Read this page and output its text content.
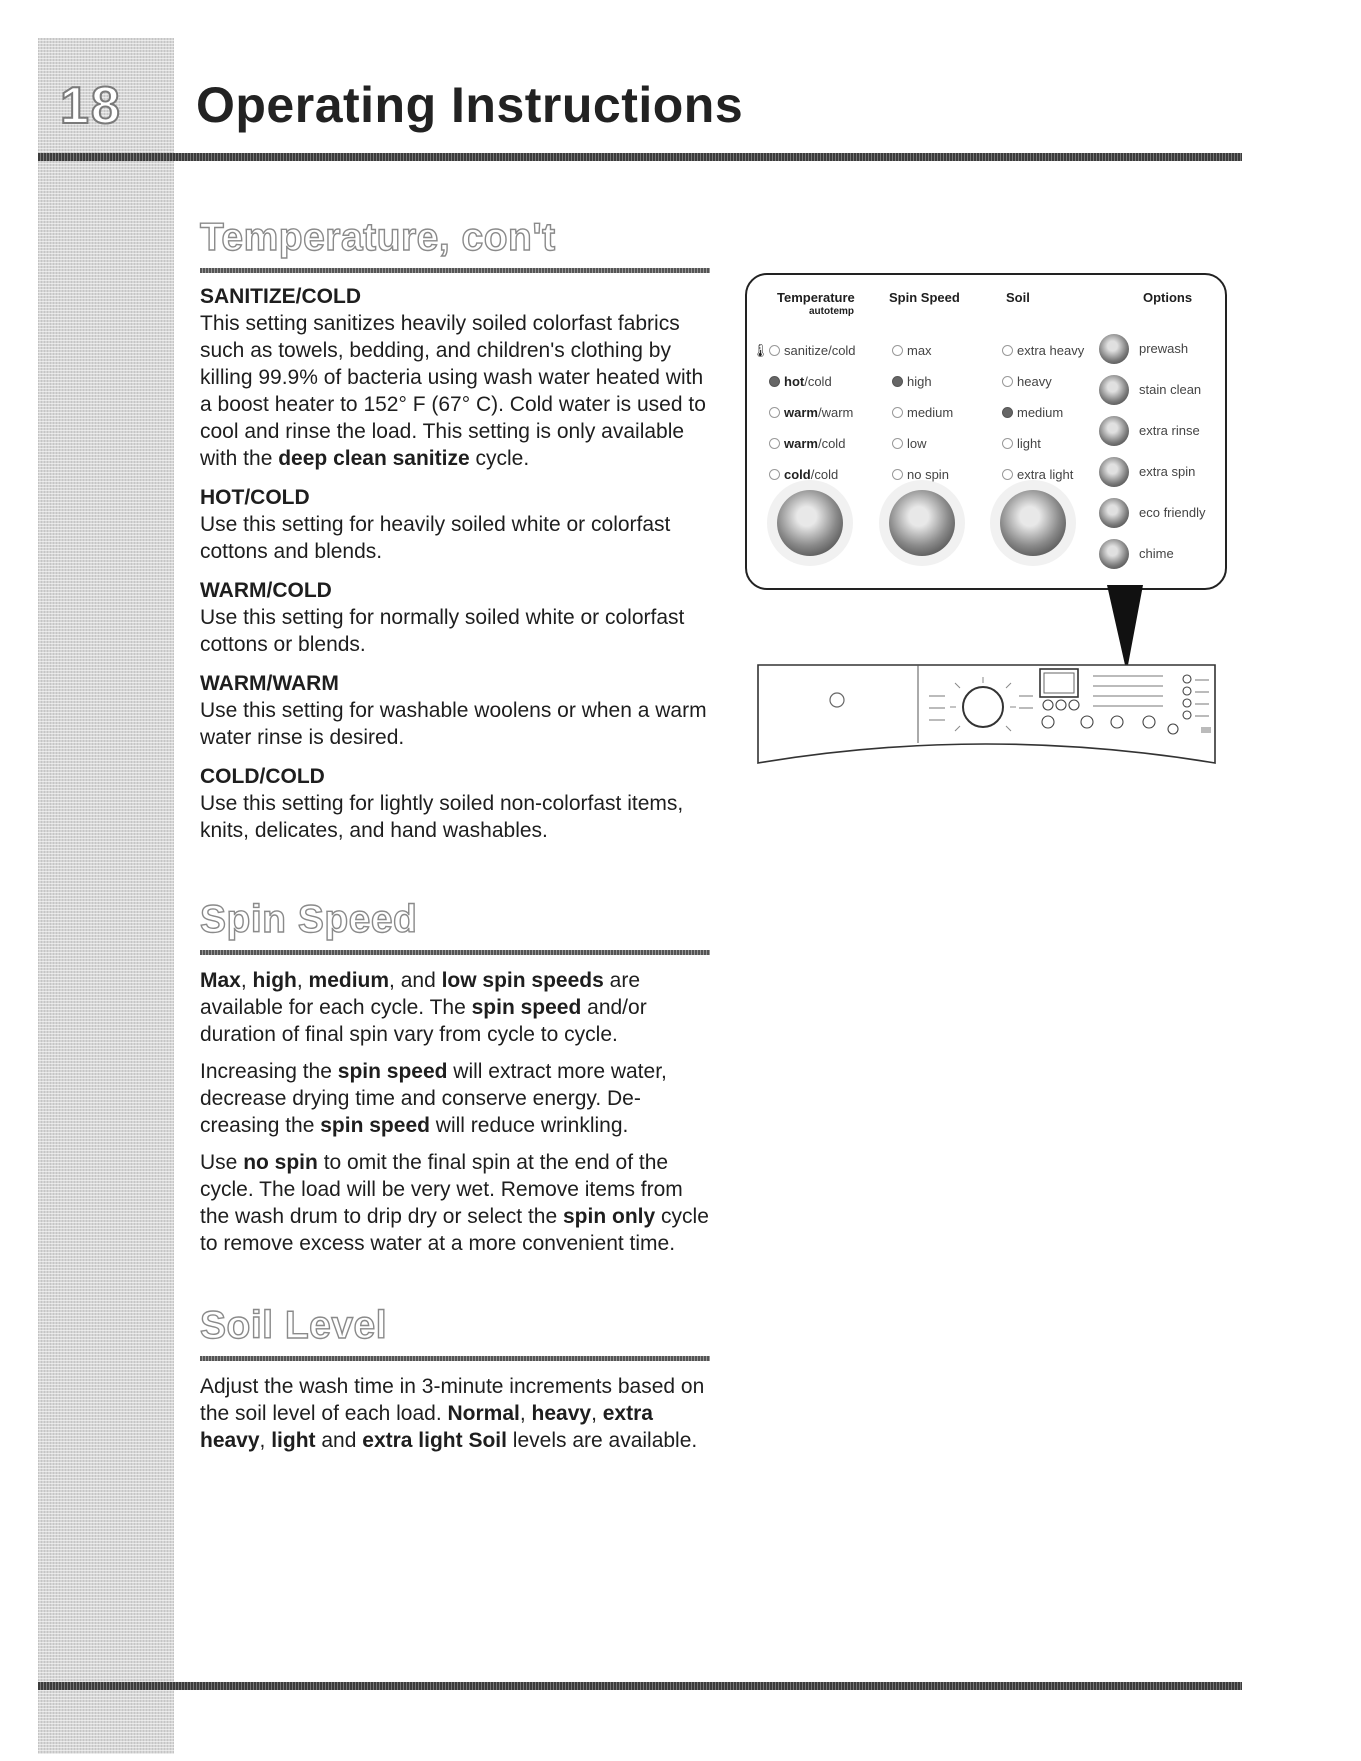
18 Operating Instructions
Temperature, con't
SANITIZE/COLD

This setting sanitizes heavily soiled colorfast fabrics such as towels, bedding, and children's clothing by killing 99.9% of bacteria using wash water heated with a boost heater to 152° F (67° C). Cold water is used to cool and rinse the load. This setting is only available with the deep clean sanitize cycle.

HOT/COLD

Use this setting for heavily soiled white or colorfast cottons and blends.

WARM/COLD

Use this setting for normally soiled white or colorfast cottons or blends.

WARM/WARM

Use this setting for washable woolens or when a warm water rinse is desired.

COLD/COLD

Use this setting for lightly soiled non-colorfast items, knits, delicates, and hand washables.

Spin Speed

Max, high, medium, and low spin speeds are available for each cycle. The spin speed and/or duration of final spin vary from cycle to cycle.

Increasing the spin speed will extract more water, decrease drying time and conserve energy. De-creasing the spin speed will reduce wrinkling.

Use no spin to omit the final spin at the end of the cycle. The load will be very wet. Remove items from the wash drum to drip dry or select the spin only cycle to remove excess water at a more convenient time.

Soil Level

Adjust the wash time in 3-minute increments based on the soil level of each load. Normal, heavy, extra heavy, light and extra light Soil levels are available.

Temperature
autotemp
Spin Speed	Soil	Options
🌡 sanitize/cold
hot/cold
warm/warm
warm/cold
cold/cold
max
high
medium
low
no spin
extra heavy
heavy
medium
light
extra light
prewash
stain clean
extra rinse
extra spin
eco friendly
chime
